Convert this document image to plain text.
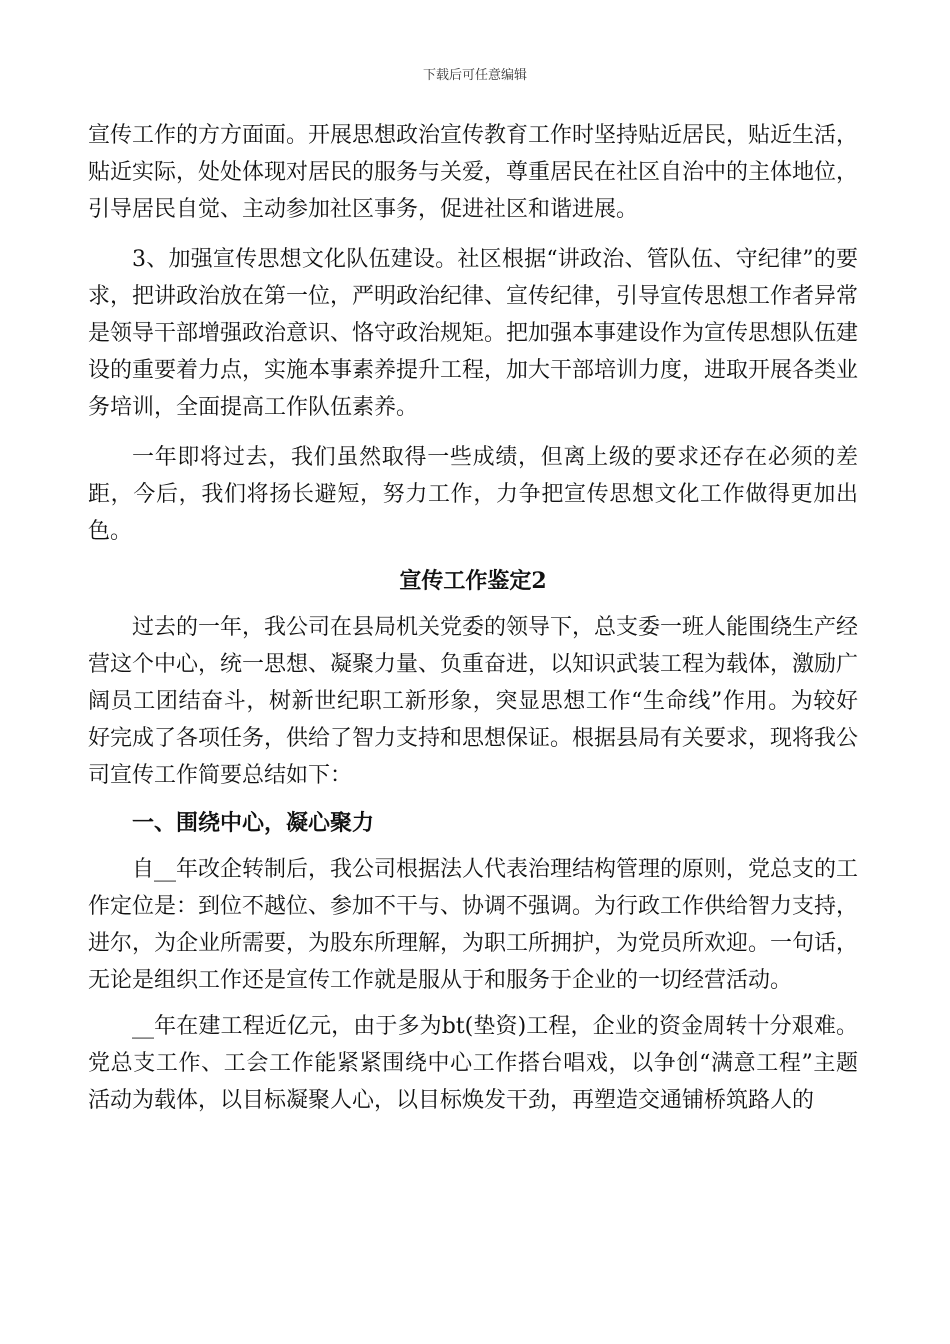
下载后可任意编辑

宣传工作的方方面面。开展思想政治宣传教育工作时坚持贴近居民，贴近生活，贴近实际，处处体现对居民的服务与关爱，尊重居民在社区自治中的主体地位，引导居民自觉、主动参加社区事务，促进社区和谐进展。

3、加强宣传思想文化队伍建设。社区根据“讲政治、管队伍、守纪律”的要求，把讲政治放在第一位，严明政治纪律、宣传纪律，引导宣传思想工作者异常是领导干部增强政治意识、恪守政治规矩。把加强本事建设作为宣传思想队伍建设的重要着力点，实施本事素养提升工程，加大干部培训力度，进取开展各类业务培训，全面提高工作队伍素养。

一年即将过去，我们虽然取得一些成绩，但离上级的要求还存在必须的差距，今后，我们将扬长避短，努力工作，力争把宣传思想文化工作做得更加出色。

宣传工作鉴定2

过去的一年，我公司在县局机关党委的领导下，总支委一班人能围绕生产经营这个中心，统一思想、凝聚力量、负重奋进，以知识武装工程为载体，激励广阔员工团结奋斗，树新世纪职工新形象，突显思想工作“生命线”作用。为较好好完成了各项任务，供给了智力支持和思想保证。根据县局有关要求，现将我公司宣传工作简要总结如下：

一、围绕中心，凝心聚力

自__年改企转制后，我公司根据法人代表治理结构管理的原则，党总支的工作定位是：到位不越位、参加不干与、协调不强调。为行政工作供给智力支持，进尔，为企业所需要，为股东所理解，为职工所拥护，为党员所欢迎。一句话，无论是组织工作还是宣传工作就是服从于和服务于企业的一切经营活动。

__年在建工程近亿元，由于多为bt(垫资)工程，企业的资金周转十分艰难。党总支工作、工会工作能紧紧围绕中心工作搭台唱戏，以争创“满意工程”主题活动为载体，以目标凝聚人心，以目标焕发干劲，再塑造交通铺桥筑路人的
